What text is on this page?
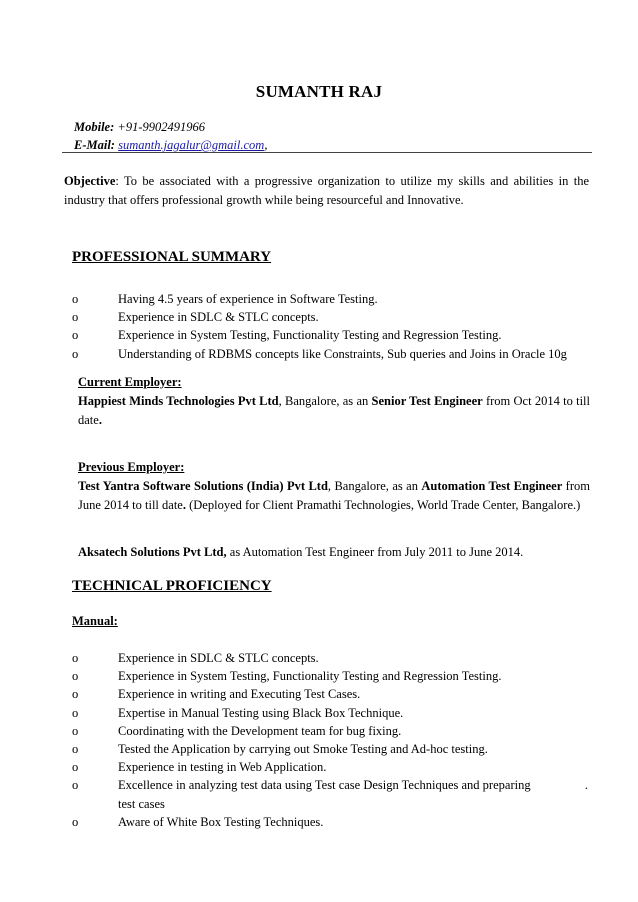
SUMANTH RAJ
Mobile: +91-9902491966
E-Mail: sumanth.jagalur@gmail.com,
Objective: To be associated with a progressive organization to utilize my skills and abilities in the industry that offers professional growth while being resourceful and Innovative.
PROFESSIONAL SUMMARY
o	Having 4.5 years of experience in Software Testing.
o	Experience in SDLC & STLC concepts.
o	Experience in System Testing, Functionality Testing and Regression Testing.
o	Understanding of RDBMS concepts like Constraints, Sub queries and Joins in Oracle 10g
Current Employer:
Happiest Minds Technologies Pvt Ltd, Bangalore, as an Senior Test Engineer from Oct 2014 to till date.
Previous Employer:
Test Yantra Software Solutions (India) Pvt Ltd, Bangalore, as an Automation Test Engineer from June 2014 to till date. (Deployed for Client Pramathi Technologies, World Trade Center, Bangalore.)
Aksatech Solutions Pvt Ltd, as Automation Test Engineer from July 2011 to June 2014.
TECHNICAL PROFICIENCY
Manual:
o	Experience in SDLC & STLC concepts.
o	Experience in System Testing, Functionality Testing and Regression Testing.
o	Experience in writing and Executing Test Cases.
o	Expertise in Manual Testing using Black Box Technique.
o	Coordinating with the Development team for bug fixing.
o	Tested the Application by carrying out Smoke Testing and Ad-hoc testing.
o	Experience in testing in Web Application.
o	Excellence in analyzing test data using Test case Design Techniques and preparing test cases
.
o	Aware of White Box Testing Techniques.
